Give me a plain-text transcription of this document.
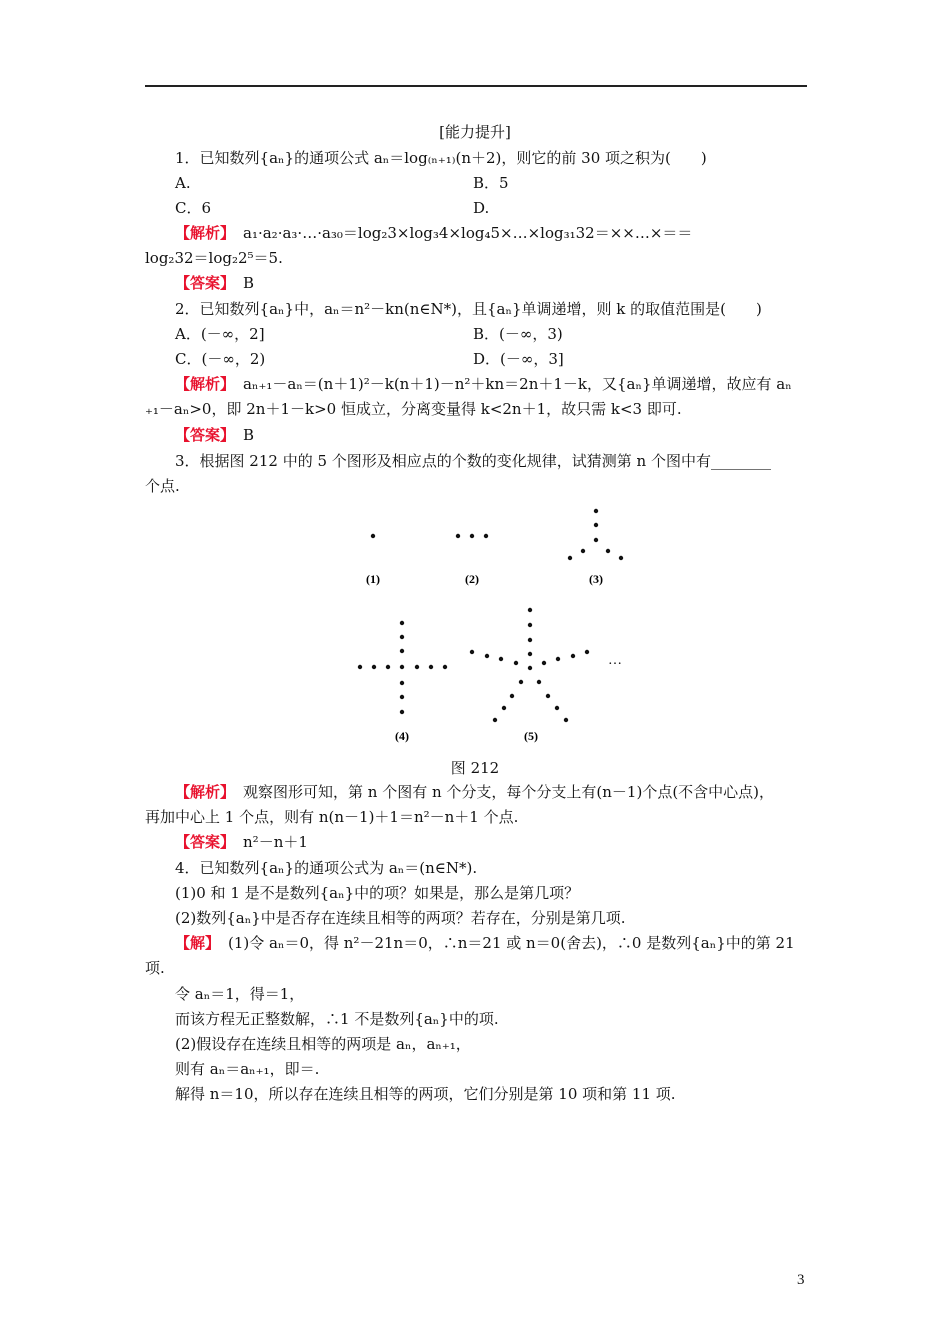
[能力提升]
1．已知数列{aₙ}的通项公式 aₙ＝log₍ₙ₊₁₎(n＋2)，则它的前 30 项之积为(　　)
A.	B．5
C．6	D.
【解析】 a₁·a₂·a₃·…·a₃₀＝log₂3×log₃4×log₄5×…×log₃₁32＝××…×＝＝
log₂32＝log₂2⁵＝5.
【答案】 B
2．已知数列{aₙ}中，aₙ＝n²－kn(n∈N*)，且{aₙ}单调递增，则 k 的取值范围是(　　)
A．(－∞，2]	B．(－∞，3)
C．(－∞，2)	D．(－∞，3]
【解析】 aₙ₊₁－aₙ＝(n＋1)²－k(n＋1)－n²＋kn＝2n＋1－k，又{aₙ}单调递增，故应有 aₙ
₊₁－aₙ>0，即 2n＋1－k>0 恒成立，分离变量得 k<2n＋1，故只需 k<3 即可.
【答案】 B
3．根据图 212 中的 5 个图形及相应点的个数的变化规律，试猜测第 n 个图中有________
个点.
…
(1)	(2)	(3)
(4)	(5)
图 212
【解析】 观察图形可知，第 n 个图有 n 个分支，每个分支上有(n－1)个点(不含中心点)，
再加中心上 1 个点，则有 n(n－1)＋1＝n²－n＋1 个点.
【答案】 n²－n＋1
4．已知数列{aₙ}的通项公式为 aₙ＝(n∈N*).
(1)0 和 1 是不是数列{aₙ}中的项？如果是，那么是第几项？
(2)数列{aₙ}中是否存在连续且相等的两项？若存在，分别是第几项.
【解】 (1)令 aₙ＝0，得 n²－21n＝0，∴n＝21 或 n＝0(舍去)，∴0 是数列{aₙ}中的第 21
项.
令 aₙ＝1，得＝1，
而该方程无正整数解，∴1 不是数列{aₙ}中的项.
(2)假设存在连续且相等的两项是 aₙ，aₙ₊₁，
则有 aₙ＝aₙ₊₁，即＝.
解得 n＝10，所以存在连续且相等的两项，它们分别是第 10 项和第 11 项.
3
